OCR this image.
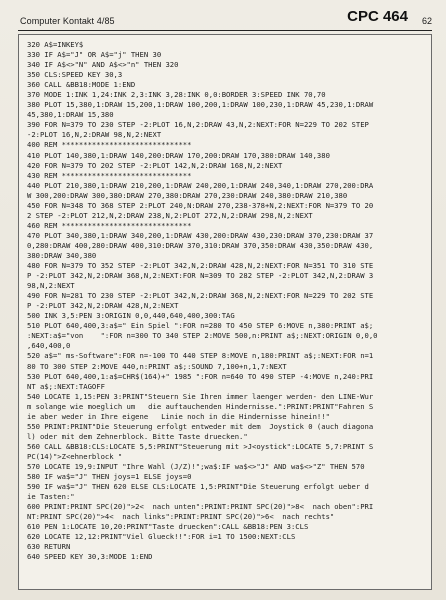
Computer Kontakt 4/85	CPC 464 62
320 A$=INKEY$
330 IF A$="J" OR A$="j" THEN 30
340 IF A$<>"N" AND A$<>"n" THEN 320
350 CLS:SPEED KEY 30,3
360 CALL &BB18:MODE 1:END
370 MODE 1:INK 1,24:INK 2,3:INK 3,28:INK 0,0:BORDER 3:SPEED INK 70,70
380 PLOT 15,380,1:DRAW 15,200,1:DRAW 100,200,1:DRAW 100,230,1:DRAW 45,230,1:DRAW
45,380,1:DRAW 15,380
390 FOR N=379 TO 230 STEP -2:PLOT 16,N,2:DRAW 43,N,2:NEXT:FOR N=229 TO 202 STEP
-2:PLOT 16,N,2:DRAW 98,N,2:NEXT
400 REM ******************************
410 PLOT 140,380,1:DRAW 140,200:DRAW 170,200:DRAW 170,380:DRAW 140,380
420 FOR N=379 TO 202 STEP -2:PLOT 142,N,2:DRAW 168,N,2:NEXT
430 REM ******************************
440 PLOT 210,380,1:DRAW 210,200,1:DRAW 240,200,1:DRAW 240,340,1:DRAW 270,200:DRA
W 300,200:DRAW 300,380:DRAW 270,380:DRAW 270,230:DRAW 240,380:DRAW 210,380
450 FOR N=348 TO 368 STEP 2:PLOT 240,N:DRAW 270,238-378+N,2:NEXT:FOR N=379 TO 20
2 STEP -2:PLOT 212,N,2:DRAW 238,N,2:PLOT 272,N,2:DRAW 298,N,2:NEXT
460 REM ******************************
470 PLOT 340,380,1:DRAW 340,200,1:DRAW 430,200:DRAW 430,230:DRAW 370,230:DRAW 37
0,280:DRAW 400,280:DRAW 400,310:DRAW 370,310:DRAW 370,350:DRAW 430,350:DRAW 430,
380:DRAW 340,380
480 FOR N=379 TO 352 STEP -2:PLOT 342,N,2:DRAW 428,N,2:NEXT:FOR N=351 TO 310 STE
P -2:PLOT 342,N,2:DRAW 368,N,2:NEXT:FOR N=309 TO 282 STEP -2:PLOT 342,N,2:DRAW 3
98,N,2:NEXT
490 FOR N=281 TO 230 STEP -2:PLOT 342,N,2:DRAW 368,N,2:NEXT:FOR N=229 TO 202 STE
P -2:PLOT 342,N,2:DRAW 428,N,2:NEXT
500 INK 3,5:PEN 3:ORIGIN 0,0,440,640,400,300:TAG
510 PLOT 640,400,3:a$=" Ein Spiel ":FOR n=280 TO 450 STEP 6:MOVE n,380:PRINT a$;
:NEXT:a$="von    ":FOR n=300 TO 340 STEP 2:MOVE 500,n:PRINT a$;:NEXT:ORIGIN 0,0,0
,640,400,0
520 a$=" ms-Software":FOR n=-100 TO 440 STEP 8:MOVE n,180:PRINT a$;:NEXT:FOR n=1
80 TO 300 STEP 2:MOVE 440,n:PRINT a$;:SOUND 7,100+n,1,7:NEXT
530 PLOT 640,400,1:a$=CHR$(164)+" 1985 ":FOR n=640 TO 490 STEP -4:MOVE n,240:PRI
NT a$;:NEXT:TAGOFF
540 LOCATE 1,15:PEN 3:PRINT"Steuern Sie Ihren immer laenger werden- den LINE-Wur
m solange wie moeglich um   die auftauchenden Hindernisse.":PRINT:PRINT"Fahren S
ie aber weder in Ihre eigene   Linie noch in die Hindernisse hinein!!"
550 PRINT:PRINT"Die Steuerung erfolgt entweder mit dem  Joystick 0 (auch diagona
l) oder mit dem Zehnerblock. Bitte Taste druecken."
560 CALL &BB18:CLS:LOCATE 5,5:PRINT"Steuerung mit >J<oystick":LOCATE 5,7:PRINT S
PC(14)">Z<ehnerblock "
570 LOCATE 19,9:INPUT "Ihre Wahl (J/Z)!";wa$:IF wa$<>"J" AND wa$<>"Z" THEN 570
580 IF wa$="J" THEN joys=1 ELSE joys=0
590 IF wa$="J" THEN 620 ELSE CLS:LOCATE 1,5:PRINT"Die Steuerung erfolgt ueber d
ie Tasten:"
600 PRINT:PRINT SPC(20)">2<  nach unten":PRINT:PRINT SPC(20)">8<  nach oben":PRI
NT:PRINT SPC(20)">4<  nach links":PRINT:PRINT SPC(20)">6<  nach rechts"
610 PEN 1:LOCATE 10,20:PRINT"Taste druecken":CALL &BB18:PEN 3:CLS
620 LOCATE 12,12:PRINT"Viel Glueck!!":FOR i=1 TO 1500:NEXT:CLS
630 RETURN
640 SPEED KEY 30,3:MODE 1:END
